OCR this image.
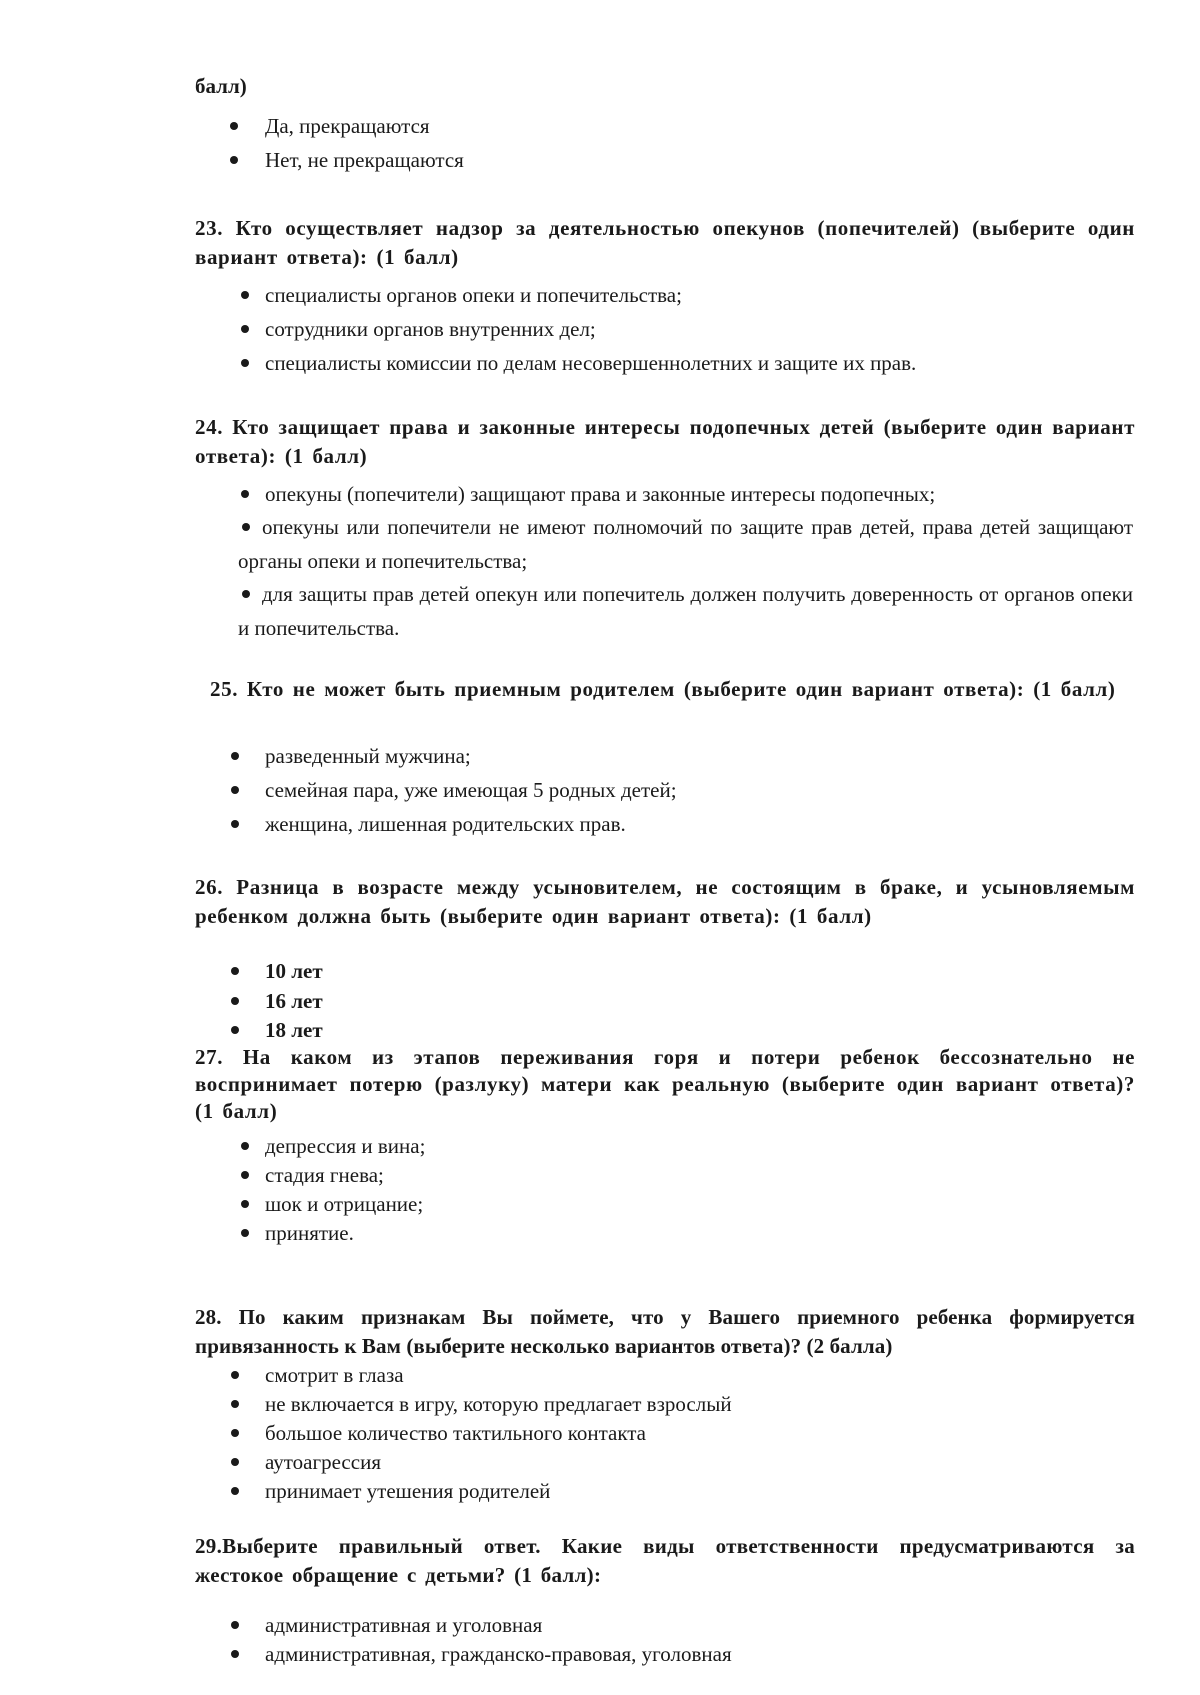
балл)
Да, прекращаются
Нет, не прекращаются
23. Кто осуществляет надзор за деятельностью опекунов (попечителей) (выберите один вариант ответа): (1 балл)
специалисты органов опеки и попечительства;
сотрудники органов внутренних дел;
специалисты комиссии по делам несовершеннолетних и защите их прав.
24. Кто защищает права и законные интересы подопечных детей (выберите один вариант ответа): (1 балл)
опекуны (попечители) защищают права и законные интересы подопечных;
опекуны или попечители не имеют полномочий по защите прав детей, права детей защищают органы опеки и попечительства;
для защиты прав детей опекун или попечитель должен получить доверенность от органов опеки и попечительства.
25. Кто не может быть приемным родителем (выберите один вариант ответа): (1 балл)
разведенный мужчина;
семейная пара, уже имеющая 5 родных детей;
женщина, лишенная родительских прав.
26. Разница в возрасте между усыновителем, не состоящим в браке, и усыновляемым ребенком должна быть (выберите один вариант ответа): (1 балл)
10 лет
16 лет
18 лет
27. На каком из этапов переживания горя и потери ребенок бессознательно не воспринимает потерю (разлуку) матери как реальную (выберите один вариант ответа)? (1 балл)
депрессия и вина;
стадия гнева;
шок и отрицание;
принятие.
28. По каким признакам Вы поймете, что у Вашего приемного ребенка формируется привязанность к Вам (выберите несколько вариантов ответа)? (2 балла)
смотрит в глаза
не включается в игру, которую предлагает взрослый
большое количество тактильного контакта
аутоагрессия
принимает утешения родителей
29.Выберите правильный ответ. Какие виды ответственности предусматриваются за жестокое обращение с детьми? (1 балл):
административная и уголовная
административная, гражданско-правовая, уголовная
